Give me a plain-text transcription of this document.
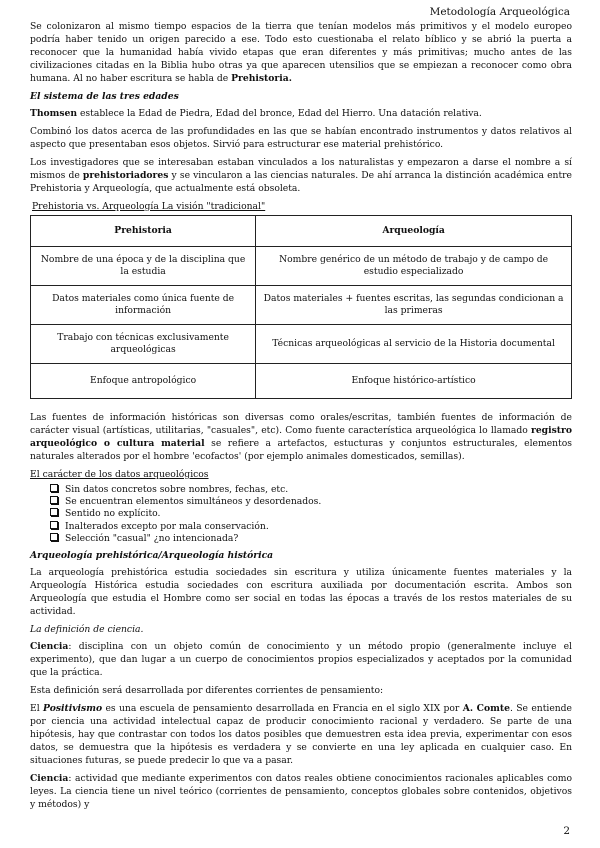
Metodología Arqueológica

Se colonizaron al mismo tiempo espacios de la tierra que tenían modelos más primitivos y el modelo europeo podría haber tenido un origen parecido a ese. Todo esto cuestionaba el relato bíblico y se abrió la puerta a reconocer que la humanidad había vivido etapas que eran diferentes y más primitivas; mucho antes de las civilizaciones citadas en la Biblia hubo otras ya que aparecen utensilios que se empiezan a reconocer como obra humana. Al no haber escritura se habla de Prehistoria.

El sistema de las tres edades

Thomsen establece la Edad de Piedra, Edad del bronce, Edad del Hierro. Una datación relativa.

Combinó los datos acerca de las profundidades en las que se habían encontrado instrumentos y datos relativos al aspecto que presentaban esos objetos. Sirvió para estructurar ese material prehistórico.

Los investigadores que se interesaban estaban vinculados a los naturalistas y empezaron a darse el nombre a sí mismos de prehistoriadores y se vincularon a las ciencias naturales. De ahí arranca la distinción académica entre Prehistoria y Arqueología, que actualmente está obsoleta.

Prehistoria vs. Arqueología La visión "tradicional"
Prehistoria	Arqueología
Nombre de una época y de la disciplina que la estudia	Nombre genérico de un método de trabajo y de campo de estudio especializado
Datos materiales como única fuente de información	Datos materiales + fuentes escritas, las segundas condicionan a las primeras
Trabajo con técnicas exclusivamente arqueológicas	Técnicas arqueológicas al servicio de la Historia documental
Enfoque antropológico	Enfoque histórico-artístico

Las fuentes de información históricas son diversas como orales/escritas, también fuentes de información de carácter visual (artísticas, utilitarias, "casuales", etc). Como fuente característica arqueológica lo llamado registro arqueológico o cultura material se refiere a artefactos, estucturas y conjuntos estructurales, elementos naturales alterados por el hombre 'ecofactos' (por ejemplo animales domesticados, semillas).

El carácter de los datos arqueológicos
Sin datos concretos sobre nombres, fechas, etc.
Se encuentran elementos simultáneos y desordenados.
Sentido no explícito.
Inalterados excepto por mala conservación.
Selección "casual" ¿no intencionada?
Arqueología prehistórica/Arqueología histórica

La arqueología prehistórica estudia sociedades sin escritura y utiliza únicamente fuentes materiales y la Arqueología Histórica estudia sociedades con escritura auxiliada por documentación escrita. Ambos son Arqueología que estudia el Hombre como ser social en todas las épocas a través de los restos materiales de su actividad.

La definición de ciencia.

Ciencia: disciplina con un objeto común de conocimiento y un método propio (generalmente incluye el experimento), que dan lugar a un cuerpo de conocimientos propios especializados y aceptados por la comunidad que la práctica.

Esta definición será desarrollada por diferentes corrientes de pensamiento:

El Positivismo es una escuela de pensamiento desarrollada en Francia en el siglo XIX por A. Comte. Se entiende por ciencia una actividad intelectual capaz de producir conocimiento racional y verdadero. Se parte de una hipótesis, hay que contrastar con todos los datos posibles que demuestren esta idea previa, experimentar con esos datos, se demuestra que la hipótesis es verdadera y se convierte en una ley aplicada en cualquier caso. En situaciones futuras, se puede predecir lo que va a pasar.

Ciencia: actividad que mediante experimentos con datos reales obtiene conocimientos racionales aplicables como leyes. La ciencia tiene un nivel teórico (corrientes de pensamiento, conceptos globales sobre contenidos, objetivos y métodos) y

2
